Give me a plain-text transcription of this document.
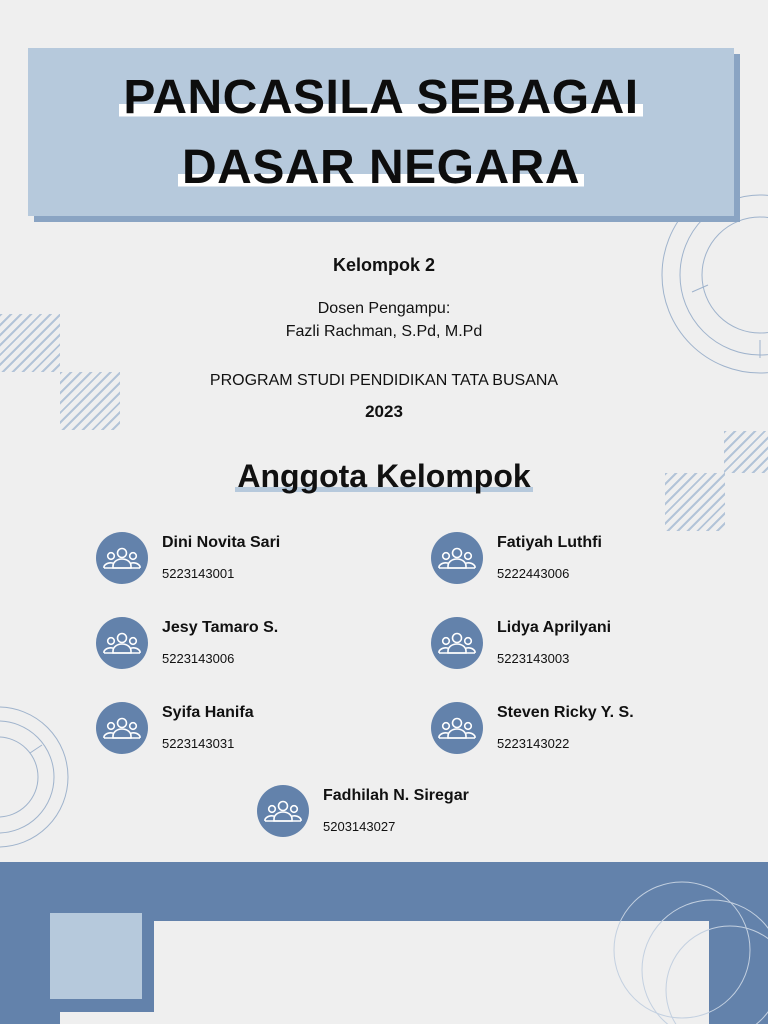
PANCASILA SEBAGAI
DASAR NEGARA
Kelompok 2
Dosen Pengampu:
Fazli Rachman, S.Pd, M.Pd
PROGRAM STUDI PENDIDIKAN TATA BUSANA
2023
Anggota Kelompok
Dini Novita Sari
5223143001
Fatiyah Luthfi
5222443006
Jesy Tamaro S.
5223143006
Lidya Aprilyani
5223143003
Syifa Hanifa
5223143031
Steven Ricky Y. S.
5223143022
Fadhilah N. Siregar
5203143027
